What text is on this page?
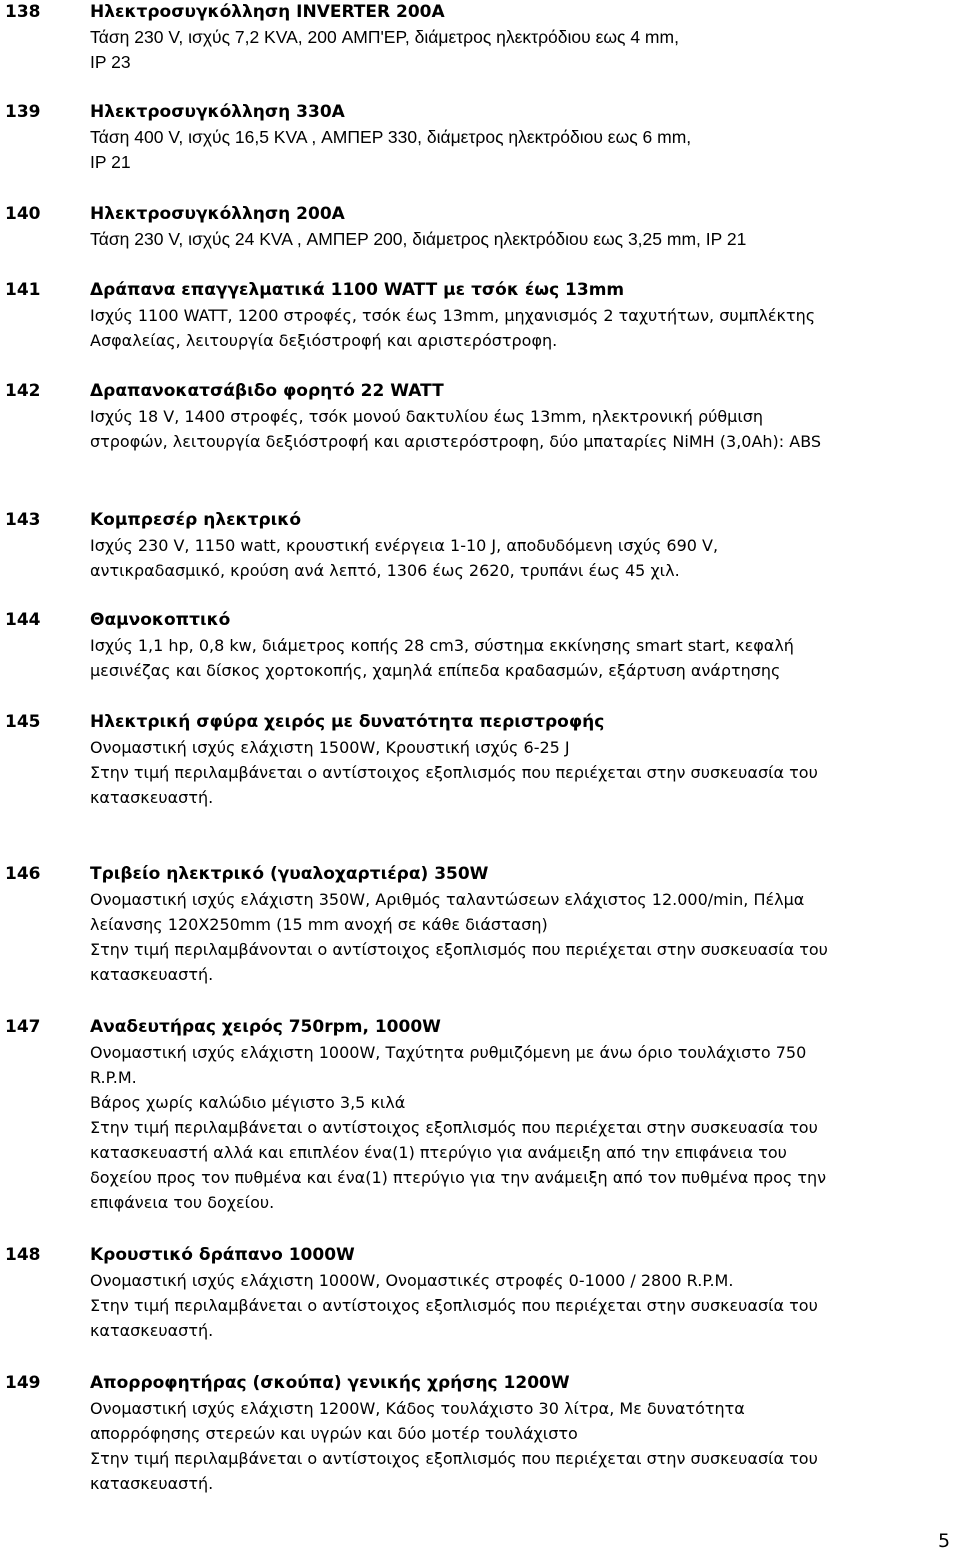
138	Ηλεκτροσυγκόλληση INVERTER 200A
Τάση 230 V, ισχύς 7,2 KVA, 200 ΑΜΠ'ΕΡ, διάμετρος ηλεκτρόδιου εως 4 mm,
IP 23
139	Ηλεκτροσυγκόλληση 330Α
Τάση 400 V, ισχύς 16,5 KVA , ΑΜΠΕΡ 330, διάμετρος ηλεκτρόδιου εως 6 mm,
IP 21
140	Ηλεκτροσυγκόλληση 200Α
Τάση 230 V, ισχύς 24 KVA , ΑΜΠΕΡ 200, διάμετρος ηλεκτρόδιου εως 3,25 mm, IP 21
141	Δράπανα επαγγελματικά 1100 WATT με τσόκ έως 13mm
Ισχύς 1100 WATT, 1200 στροφές, τσόκ έως 13mm, μηχανισμός 2 ταχυτήτων, συμπλέκτης
Ασφαλείας, λειτουργία δεξιόστροφή και αριστερόστροφη.
142	Δραπανοκατσάβιδο φορητό 22 WATT
Ισχύς 18 V, 1400 στροφές, τσόκ μονού δακτυλίου έως 13mm, ηλεκτρονική ρύθμιση
στροφών, λειτουργία δεξιόστροφή και αριστερόστροφη, δύο μπαταρίες NiMH (3,0Ah): ABS
143	Κομπρεσέρ ηλεκτρικό
Ισχύς 230 V, 1150 watt, κρουστική ενέργεια 1-10 J, αποδυδόμενη ισχύς 690 V,
αντικραδασμικό, κρούση ανά λεπτό, 1306 έως 2620, τρυπάνι έως 45 χιλ.
144	Θαμνοκοπτικό
Ισχύς 1,1 hp, 0,8 kw, διάμετρος κοπής 28 cm3, σύστημα εκκίνησης smart start, κεφαλή
μεσινέζας και δίσκος χορτοκοπής, χαμηλά επίπεδα κραδασμών, εξάρτυση ανάρτησης
145	Ηλεκτρική σφύρα χειρός με δυνατότητα περιστροφής
Ονομαστική ισχύς ελάχιστη 1500W, Κρουστική ισχύς 6-25 J
Στην τιμή περιλαμβάνεται ο αντίστοιχος εξοπλισμός που περιέχεται στην συσκευασία του
κατασκευαστή.
146	Τριβείο ηλεκτρικό (γυαλοχαρτιέρα) 350W
Ονομαστική ισχύς ελάχιστη 350W, Αριθμός ταλαντώσεων ελάχιστος 12.000/min, Πέλμα
λείανσης 120Χ250mm (15 mm ανοχή σε κάθε διάσταση)
Στην τιμή περιλαμβάνονται ο αντίστοιχος εξοπλισμός που περιέχεται στην συσκευασία του
κατασκευαστή.
147	Αναδευτήρας χειρός 750rpm, 1000W
Ονομαστική ισχύς ελάχιστη 1000W, Ταχύτητα ρυθμιζόμενη με άνω όριο τουλάχιστο 750
R.P.M.
Βάρος χωρίς καλώδιο μέγιστο 3,5 κιλά
Στην τιμή περιλαμβάνεται ο αντίστοιχος εξοπλισμός που περιέχεται στην συσκευασία του
κατασκευαστή αλλά και επιπλέον ένα(1) πτερύγιο για ανάμειξη από την επιφάνεια του
δοχείου προς τον πυθμένα και ένα(1) πτερύγιο για την ανάμειξη από τον πυθμένα προς την
επιφάνεια του δοχείου.
148	Κρουστικό δράπανο 1000W
Ονομαστική ισχύς ελάχιστη 1000W, Ονομαστικές στροφές 0-1000 / 2800 R.P.M.
Στην τιμή περιλαμβάνεται ο αντίστοιχος εξοπλισμός που περιέχεται στην συσκευασία του
κατασκευαστή.
149	Απορροφητήρας (σκούπα) γενικής χρήσης 1200W
Ονομαστική ισχύς ελάχιστη 1200W, Κάδος τουλάχιστο 30 λίτρα, Με δυνατότητα
απορρόφησης στερεών και υγρών και δύο μοτέρ τουλάχιστο
Στην τιμή περιλαμβάνεται ο αντίστοιχος εξοπλισμός που περιέχεται στην συσκευασία του
κατασκευαστή.
5
